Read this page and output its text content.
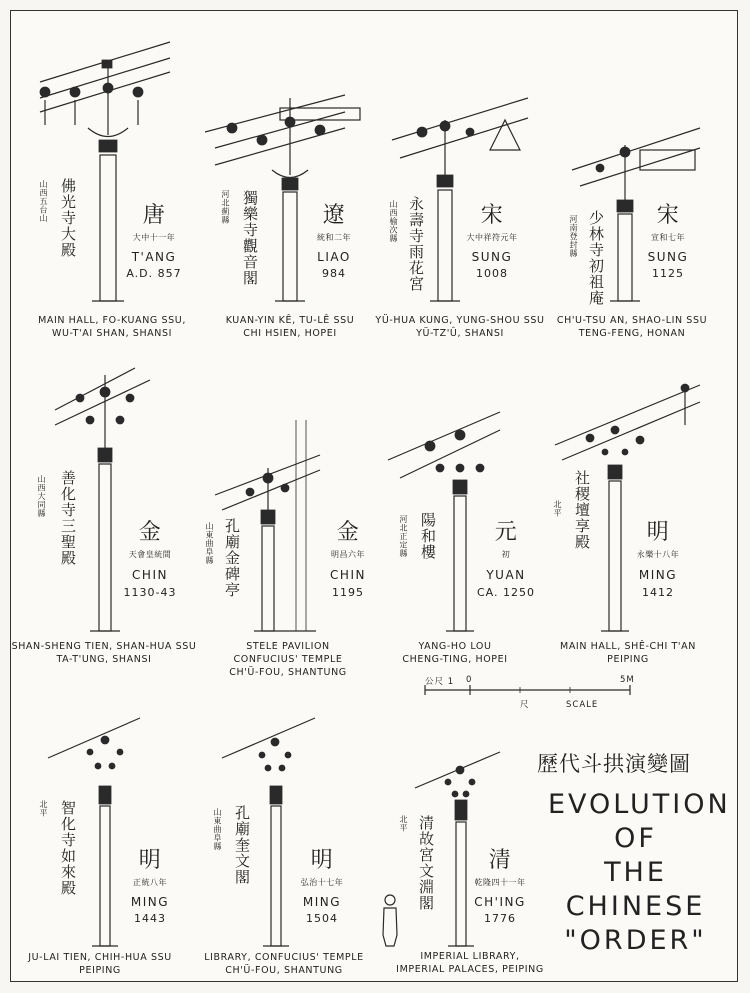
山西五台山 佛光寺大殿	唐
大中十一年
T'ANG
A.D. 857
MAIN HALL, FO-KUANG SSU,
WU-T'AI SHAN, SHANSI
河北薊縣 獨樂寺觀音閣	遼
統和二年
LIAO
984
KUAN-YIN KÊ, TU-LÊ SSU
CHI HSIEN, HOPEI
山西榆次縣 永壽寺雨花宮	宋
大中祥符元年
SUNG
1008
YÜ-HUA KUNG, YUNG-SHOU SSU
YÜ-TZ'Û, SHANSI
河南登封縣 少林寺初祖庵 宋
宣和七年
SUNG
1125
CH'U-TSU AN, SHAO-LIN SSU
TENG-FENG, HONAN
山西大同縣 善化寺三聖殿	金
天會皇統間
CHIN
1130-43
SHAN-SHENG TIEN, SHAN-HUA SSU
TA-T'UNG, SHANSI
山東曲阜縣 孔廟金碑亭	金
明昌六年
CHIN
1195
STELE PAVILION
CONFUCIUS' TEMPLE
CH'Ü-FOU, SHANTUNG
河北正定縣 陽和樓	元
初
YUAN
CA. 1250
YANG-HO LOU
CHENG-TING, HOPEI
北平 社稷壇享殿	明
永樂十八年
MING
1412
MAIN HALL, SHÊ-CHI T'AN
PEIPING
公尺 1 0	5M
尺	SCALE
北平 智化寺如來殿	明
正統八年
MING
1443
JU-LAI TIEN, CHIH-HUA SSU
PEIPING
山東曲阜縣 孔廟奎文閣	明
弘治十七年
MING
1504
LIBRARY, CONFUCIUS' TEMPLE
CH'Ü-FOU, SHANTUNG
北平 清故宮文淵閣 清
乾隆四十一年
CH'ING
1776
IMPERIAL LIBRARY,
IMPERIAL PALACES, PEIPING
歷代斗拱演變圖
EVOLUTION
OF
THE
CHINESE
"ORDER"
